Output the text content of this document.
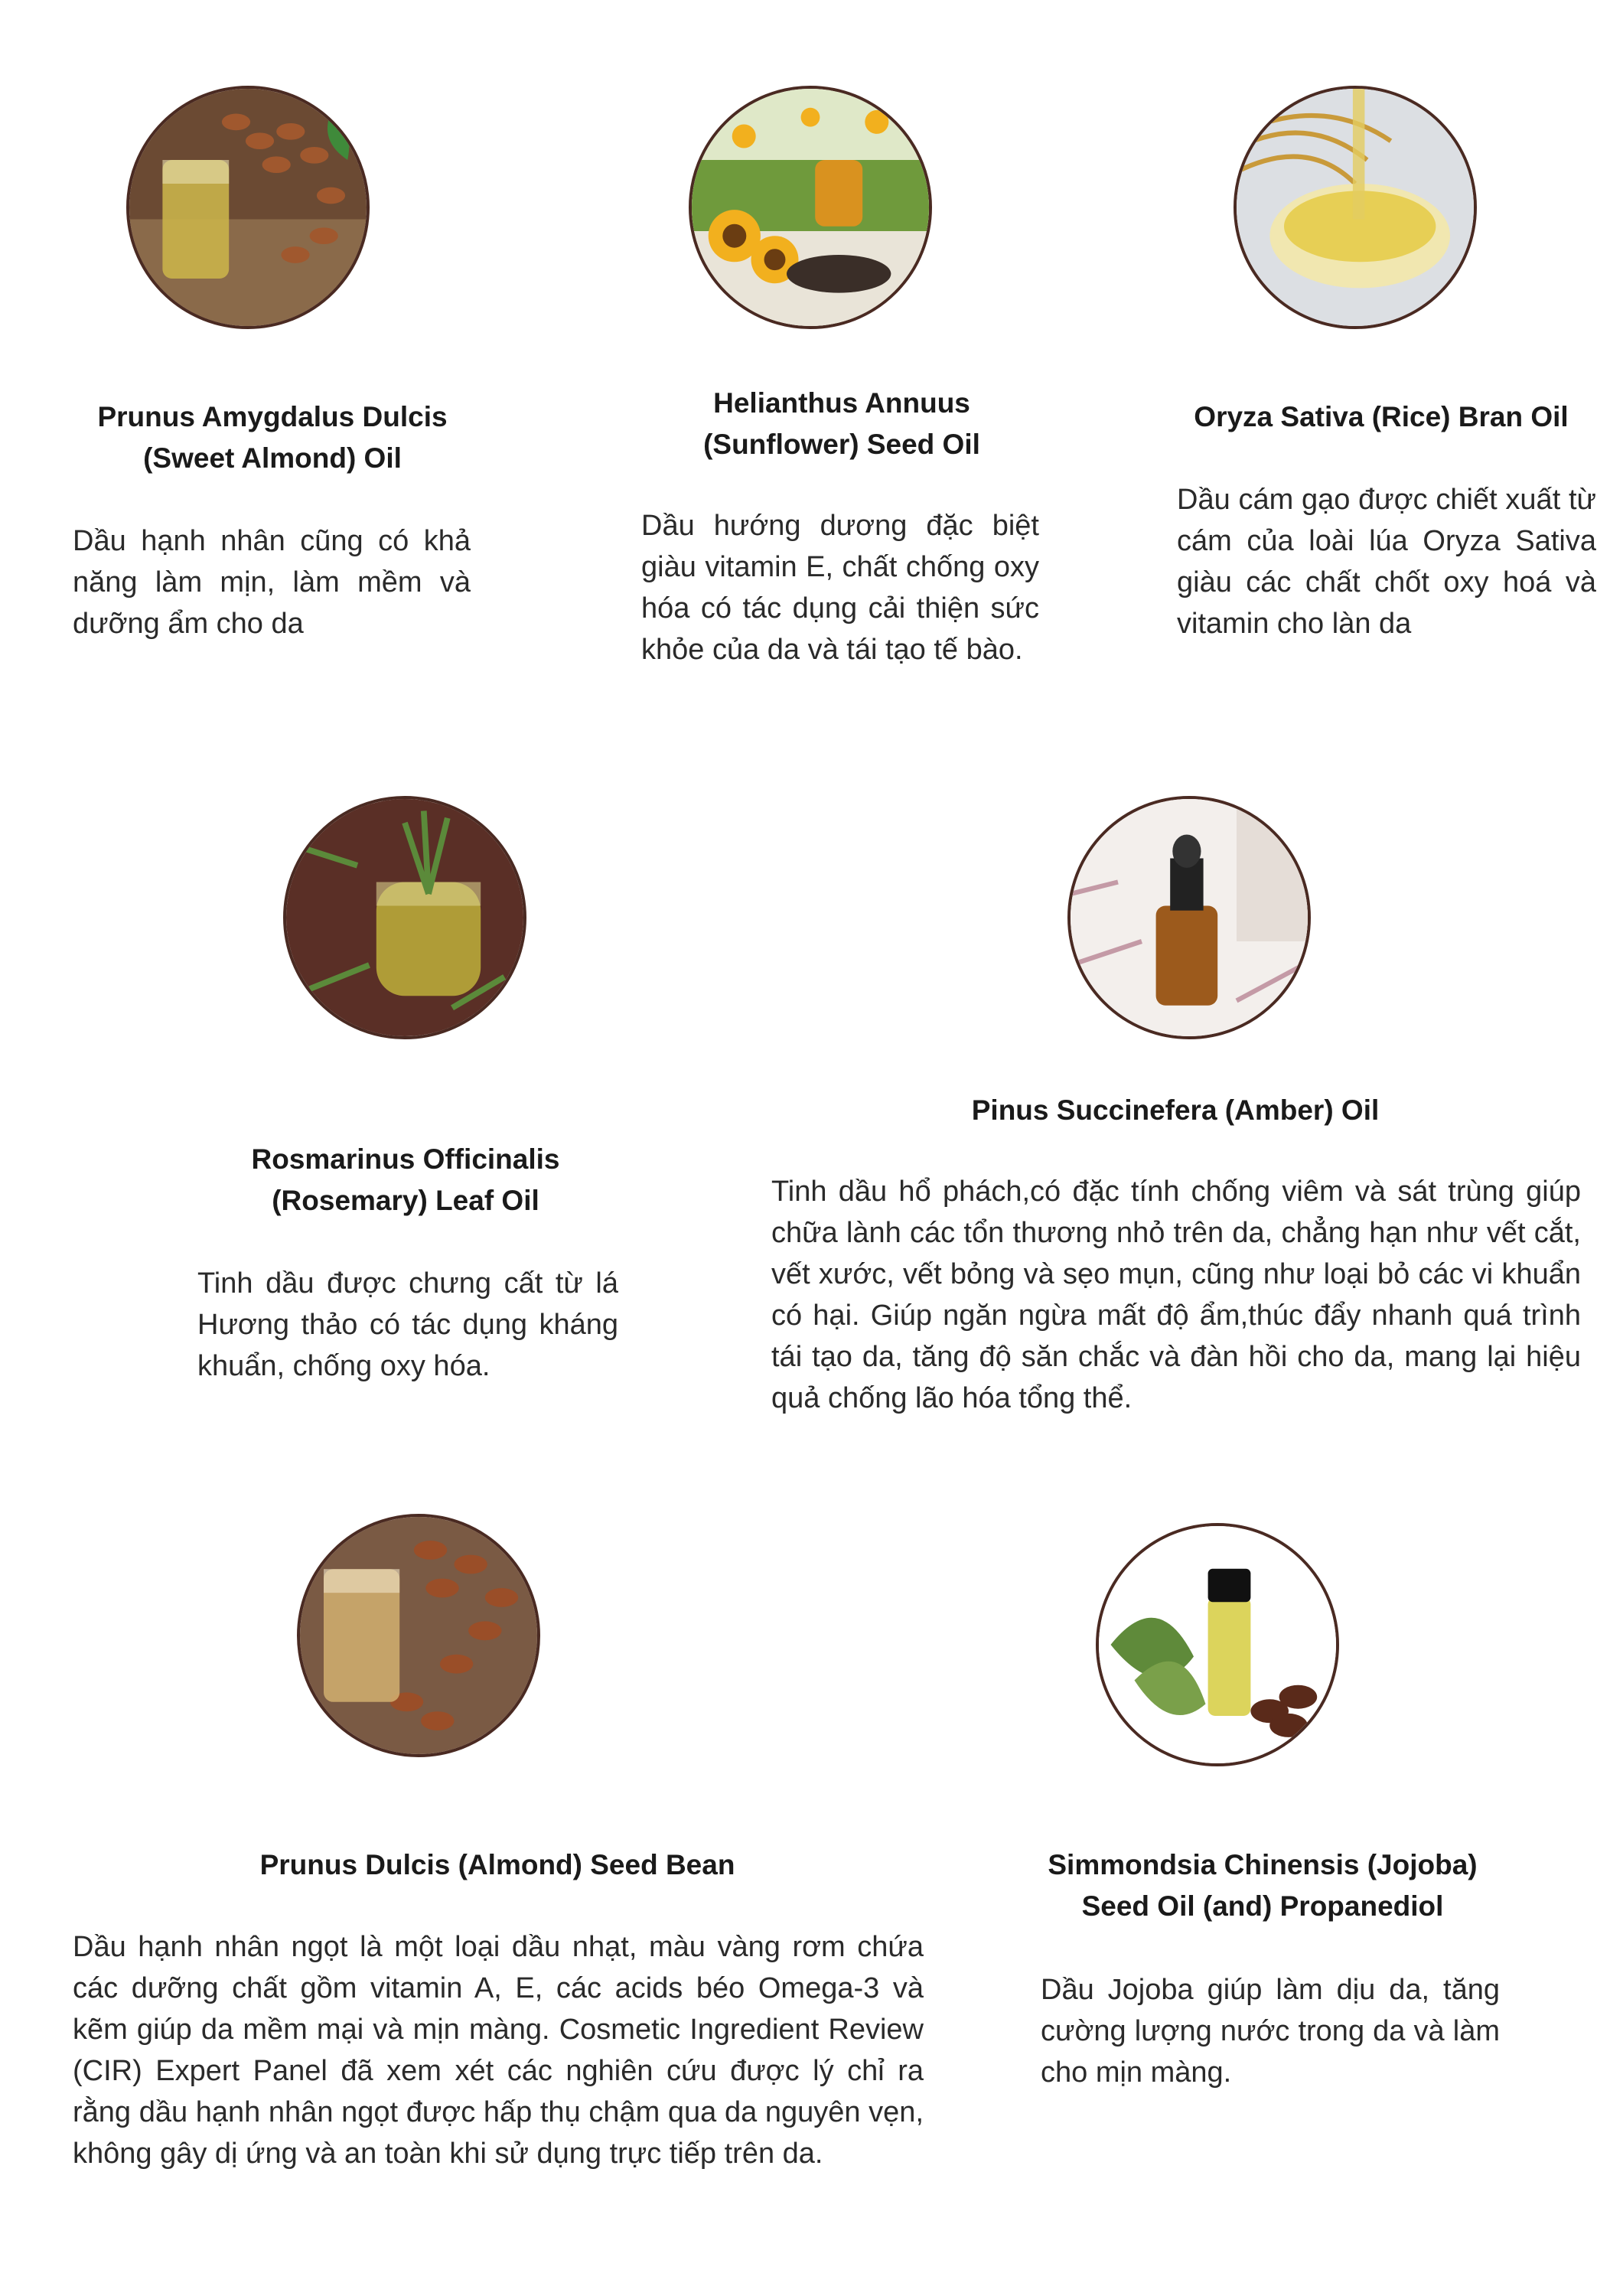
Prunus Amygdalus Dulcis (Sweet Almond) Oil

Dầu hạnh nhân cũng có khả năng làm mịn, làm mềm và dưỡng ẩm cho da

Helianthus Annuus (Sunflower) Seed Oil

Dầu hướng dương đặc biệt giàu vitamin E, chất chống oxy hóa có tác dụng cải thiện sức khỏe của da và tái tạo tế bào.

Oryza Sativa (Rice) Bran Oil

Dầu cám gạo được chiết xuất từ cám của loài lúa Oryza Sativa giàu các chất chốt oxy hoá và vitamin cho làn da

Rosmarinus Officinalis (Rosemary) Leaf Oil

Tinh dầu được chưng cất từ lá Hương thảo có tác dụng kháng khuẩn, chống oxy hóa.

Pinus Succinefera (Amber) Oil

Tinh dầu hổ phách,có đặc tính chống viêm và sát trùng giúp chữa lành các tổn thương nhỏ trên da, chẳng hạn như vết cắt, vết xước, vết bỏng và sẹo mụn, cũng như loại bỏ các vi khuẩn có hại. Giúp ngăn ngừa mất độ ẩm,thúc đẩy nhanh quá trình tái tạo da, tăng độ săn chắc và đàn hồi cho da, mang lại hiệu quả chống lão hóa tổng thể.

Prunus Dulcis (Almond) Seed Bean

Dầu hạnh nhân ngọt là một loại dầu nhạt, màu vàng rơm chứa các dưỡng chất gồm vitamin A, E, các acids béo Omega-3 và kẽm giúp da mềm mại và mịn màng. Cosmetic Ingredient Review (CIR) Expert Panel đã xem xét các nghiên cứu được lý chỉ ra rằng dầu hạnh nhân ngọt được hấp thụ chậm qua da nguyên vẹn, không gây dị ứng và an toàn khi sử dụng trực tiếp trên da.

Simmondsia Chinensis (Jojoba) Seed Oil (and) Propanediol

Dầu Jojoba giúp làm dịu da, tăng cường lượng nước trong da và làm cho mịn màng.
